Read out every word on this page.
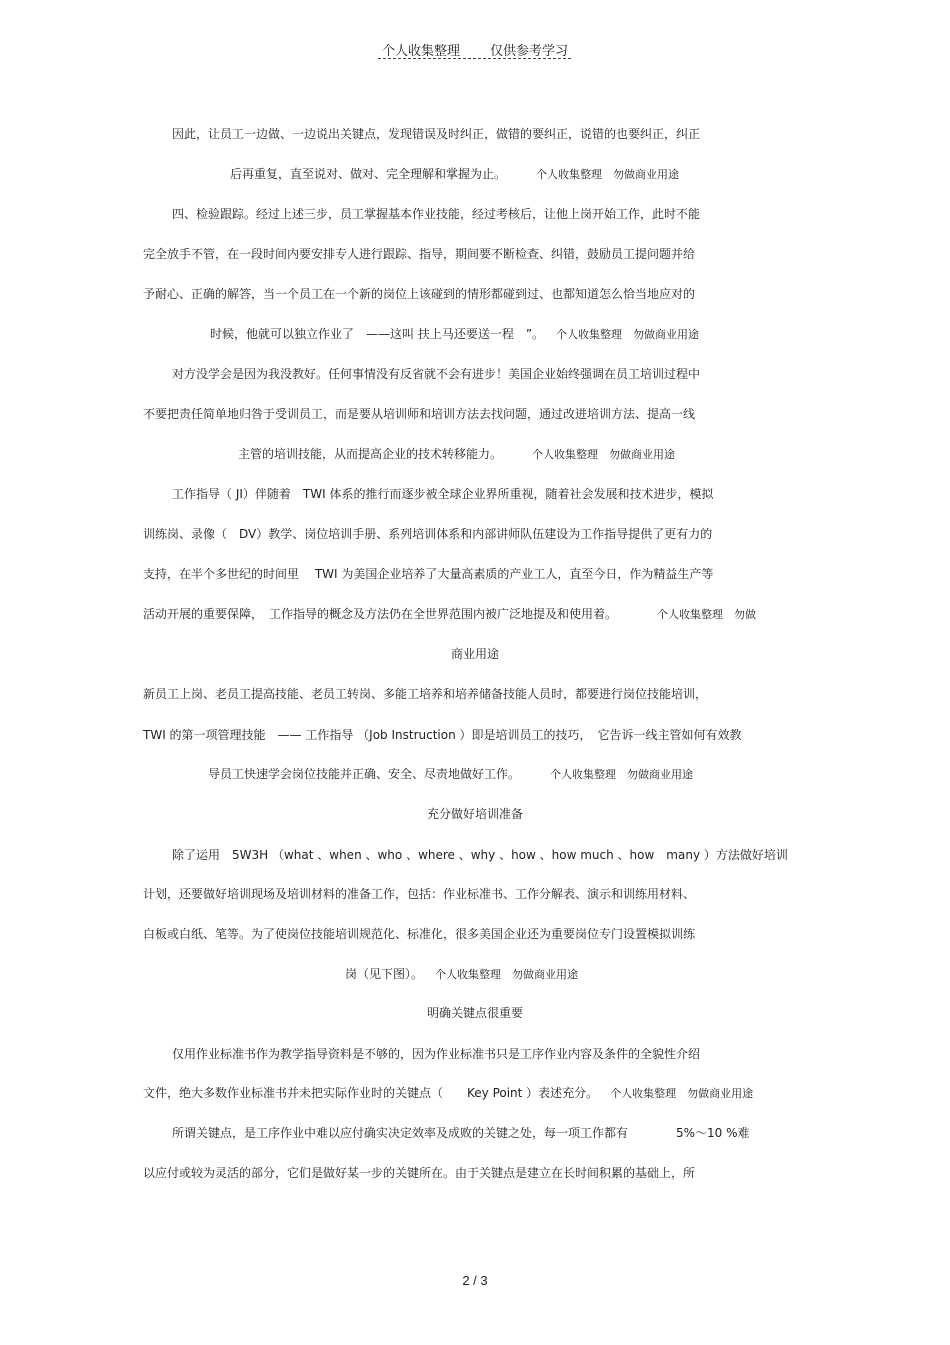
个人收集整理 仅供参考学习
因此，让员工一边做、一边说出关键点，发现错误及时纠正，做错的要纠正，说错的也要纠正，纠正
后再重复，直至说对、做对、完全理解和掌握为止。	个人收集整理　勿做商业用途
四、检验跟踪。经过上述三步，员工掌握基本作业技能，经过考核后，让他上岗开始工作，此时不能
完全放手不管，在一段时间内要安排专人进行跟踪、指导，期间要不断检查、纠错，鼓励员工提问题并给
予耐心、正确的解答，当一个员工在一个新的岗位上该碰到的情形都碰到过、也都知道怎么恰当地应对的
时候，他就可以独立作业了　——这叫 扶上马还要送一程　”。 个人收集整理　勿做商业用途
对方没学会是因为我没教好。任何事情没有反省就不会有进步！美国企业始终强调在员工培训过程中
不要把责任简单地归咎于受训员工，而是要从培训师和培训方法去找问题，通过改进培训方法、提高一线
主管的培训技能，从而提高企业的技术转移能力。	个人收集整理　勿做商业用途
工作指导（ JI）伴随着　TWI 体系的推行而逐步被全球企业界所重视，随着社会发展和技术进步，模拟
训练岗、录像（　DV）教学、岗位培训手册、系列培训体系和内部讲师队伍建设为工作指导提供了更有力的
支持，在半个多世纪的时间里　 TWI 为美国企业培养了大量高素质的产业工人，直至今日，作为精益生产等
活动开展的重要保障，　工作指导的概念及方法仍在全世界范围内被广泛地提及和使用着。	个人收集整理　勿做
商业用途
新员工上岗、老员工提高技能、老员工转岗、多能工培养和培养储备技能人员时，都要进行岗位技能培训，
TWI 的第一项管理技能　—— 工作指导 （Job Instruction ）即是培训员工的技巧，　它告诉一线主管如何有效教
导员工快速学会岗位技能并正确、安全、尽责地做好工作。	个人收集整理　勿做商业用途
充分做好培训准备
除了运用　5W3H （what 、when 、who 、where 、why 、how 、how much 、how　many ）方法做好培训
计划，还要做好培训现场及培训材料的准备工作，包括：作业标准书、工作分解表、演示和训练用材料、
白板或白纸、笔等。为了使岗位技能培训规范化、标准化，很多美国企业还为重要岗位专门设置模拟训练
岗（见下图）。 个人收集整理　勿做商业用途
明确关键点很重要
仅用作业标准书作为教学指导资料是不够的，因为作业标准书只是工序作业内容及条件的全貌性介绍
文件，绝大多数作业标准书并未把实际作业时的关键点（　　Key Point ）表述充分。 个人收集整理　勿做商业用途
所谓关键点，是工序作业中难以应付确实决定效率及成败的关键之处，每一项工作都有　　　　5%～10 %难
以应付或较为灵活的部分，它们是做好某一步的关键所在。由于关键点是建立在长时间积累的基础上，所
2 / 3
